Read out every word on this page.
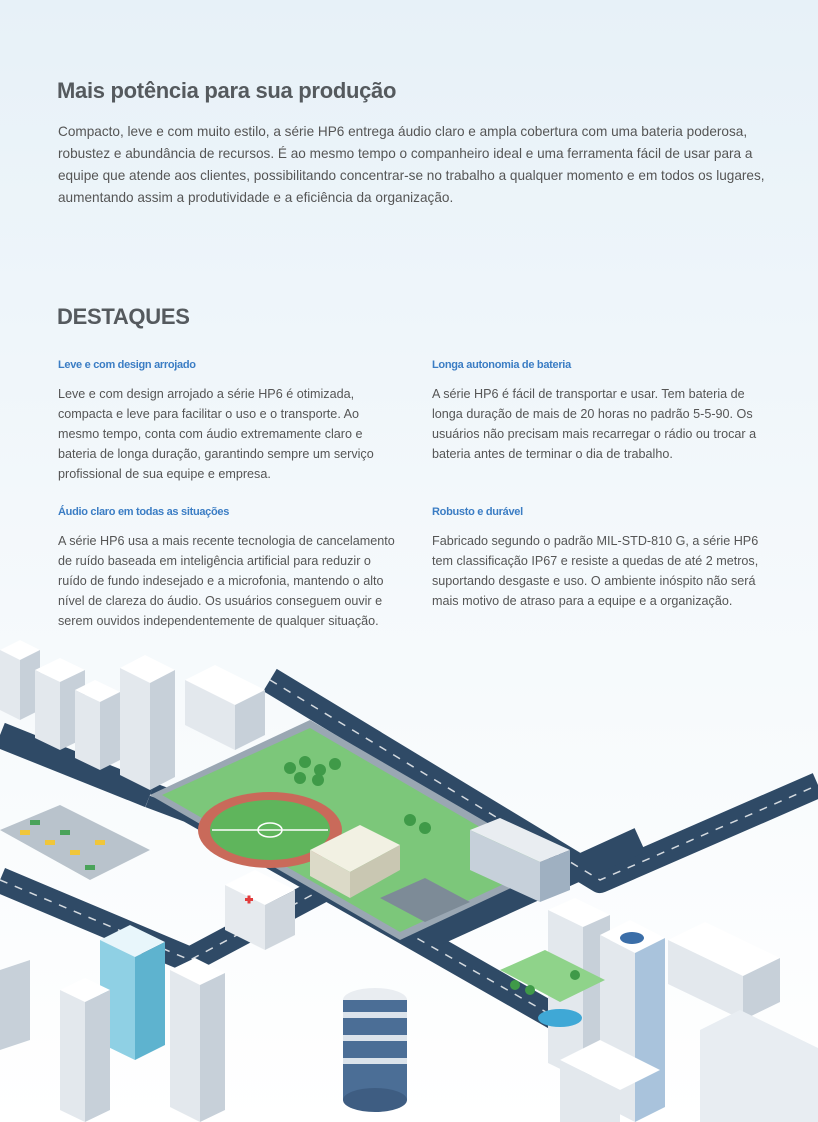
Mais potência para sua produção

Compacto, leve e com muito estilo, a série HP6 entrega áudio claro e ampla cobertura com uma bateria poderosa, robustez e abundância de recursos. É ao mesmo tempo o companheiro ideal e uma ferramenta fácil de usar para a equipe que atende aos clientes, possibilitando concentrar-se no trabalho a qualquer momento e em todos os lugares, aumentando assim a produtividade e a eficiência da organização.

DESTAQUES
Leve e com design arrojado

Leve e com design arrojado a série HP6 é otimizada, compacta e leve para facilitar o uso e o transporte. Ao mesmo tempo, conta com áudio extremamente claro e bateria de longa duração, garantindo sempre um serviço profissional de sua equipe e empresa.

Longa autonomia de bateria

A série HP6 é fácil de transportar e usar. Tem bateria de longa duração de mais de 20 horas no padrão 5-5-90. Os usuários não precisam mais recarregar o rádio ou trocar a bateria antes de terminar o dia de trabalho.

Áudio claro em todas as situações

A série HP6 usa a mais recente tecnologia de cancelamento de ruído baseada em inteligência artificial para reduzir o ruído de fundo indesejado e a microfonia, mantendo o alto nível de clareza do áudio. Os usuários conseguem ouvir e serem ouvidos independentemente de qualquer situação.

Robusto e durável

Fabricado segundo o padrão MIL-STD-810 G, a série HP6 tem classificação IP67 e resiste a quedas de até 2 metros, suportando desgaste e uso. O ambiente inóspito não será mais motivo de atraso para a equipe e a organização.
